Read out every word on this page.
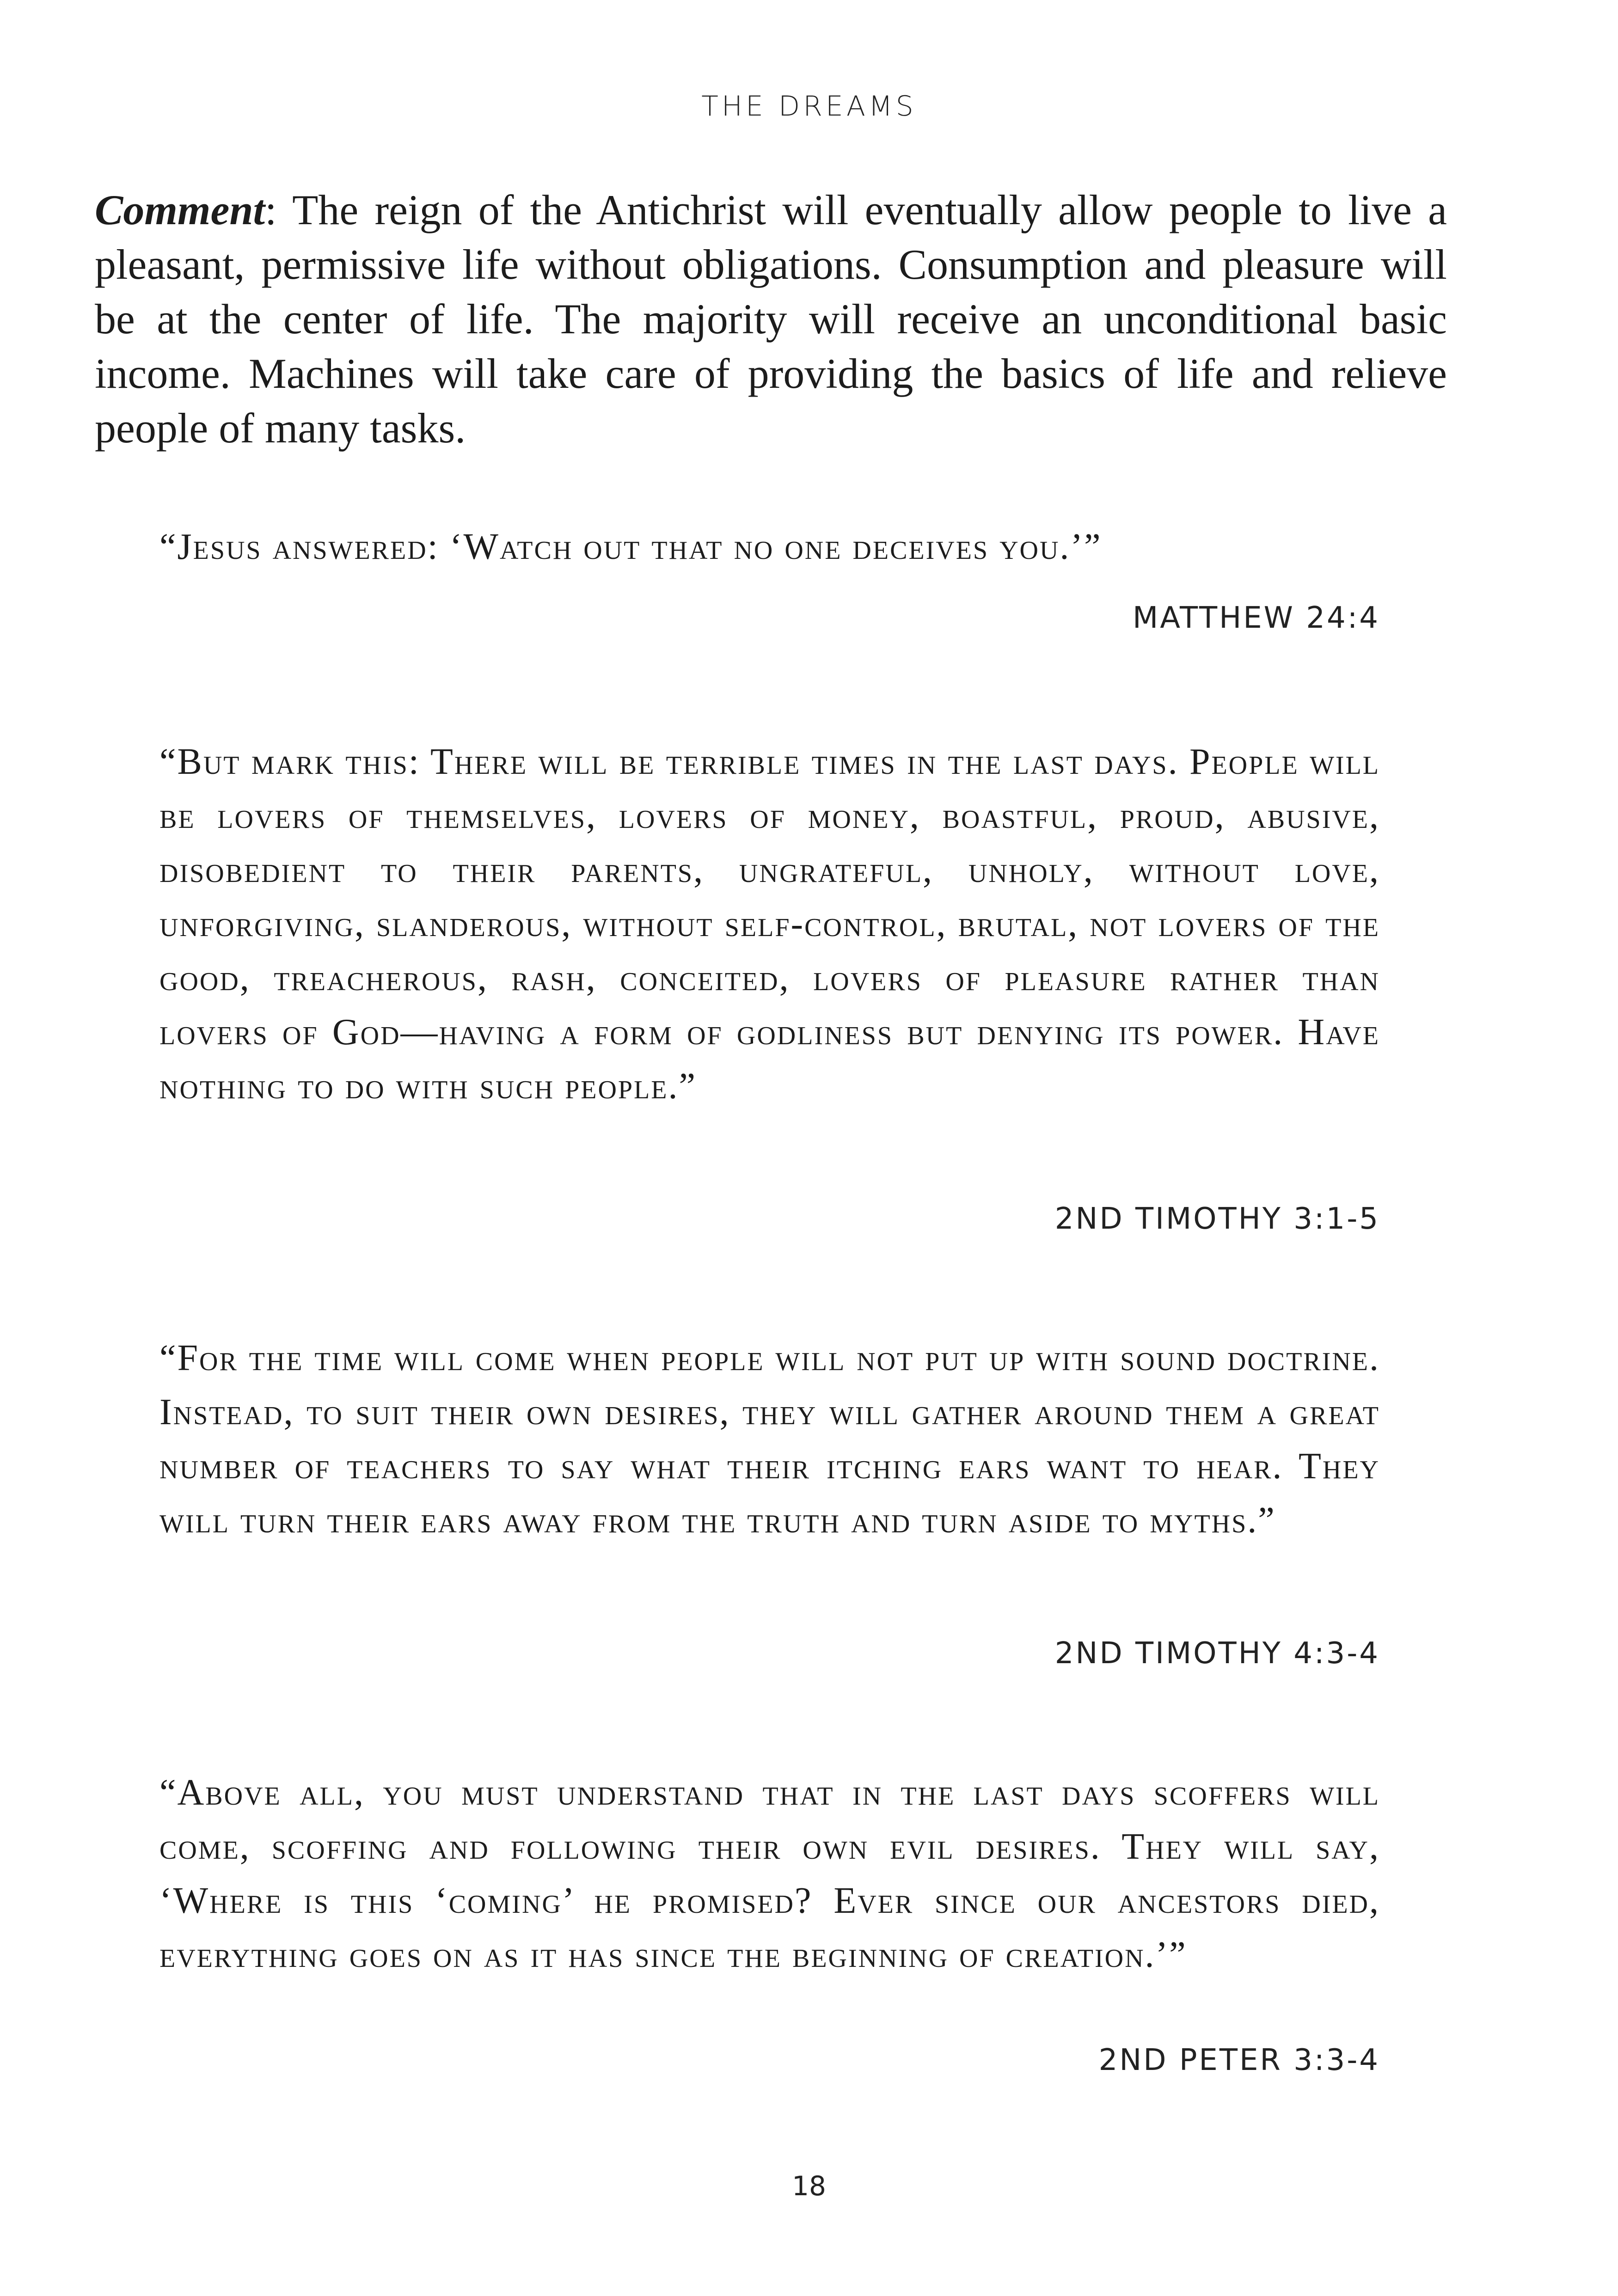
THE DREAMS
Comment: The reign of the Antichrist will eventually allow people to live a pleasant, permissive life without obligations. Consumption and pleasure will be at the center of life. The majority will receive an unconditional basic income. Machines will take care of providing the basics of life and relieve people of many tasks.
“Jesus answered: ‘Watch out that no one deceives you.’”
MATTHEW 24:4
“But mark this: There will be terrible times in the last days. People will be lovers of themselves, lovers of money, boastful, proud, abusive, disobedient to their parents, ungrateful, unholy, without love, unforgiving, slanderous, without self-control, brutal, not lovers of the good, treacherous, rash, conceited, lovers of pleasure rather than lovers of God—having a form of godliness but denying its power. Have nothing to do with such people.”
2ND TIMOTHY 3:1-5
“For the time will come when people will not put up with sound doctrine. Instead, to suit their own desires, they will gather around them a great number of teachers to say what their itching ears want to hear. They will turn their ears away from the truth and turn aside to myths.”
2ND TIMOTHY 4:3-4
“Above all, you must understand that in the last days scoffers will come, scoffing and following their own evil desires. They will say, ‘Where is this ‘coming’ he promised? Ever since our ancestors died, everything goes on as it has since the beginning of creation.’”
2ND PETER 3:3-4
18
